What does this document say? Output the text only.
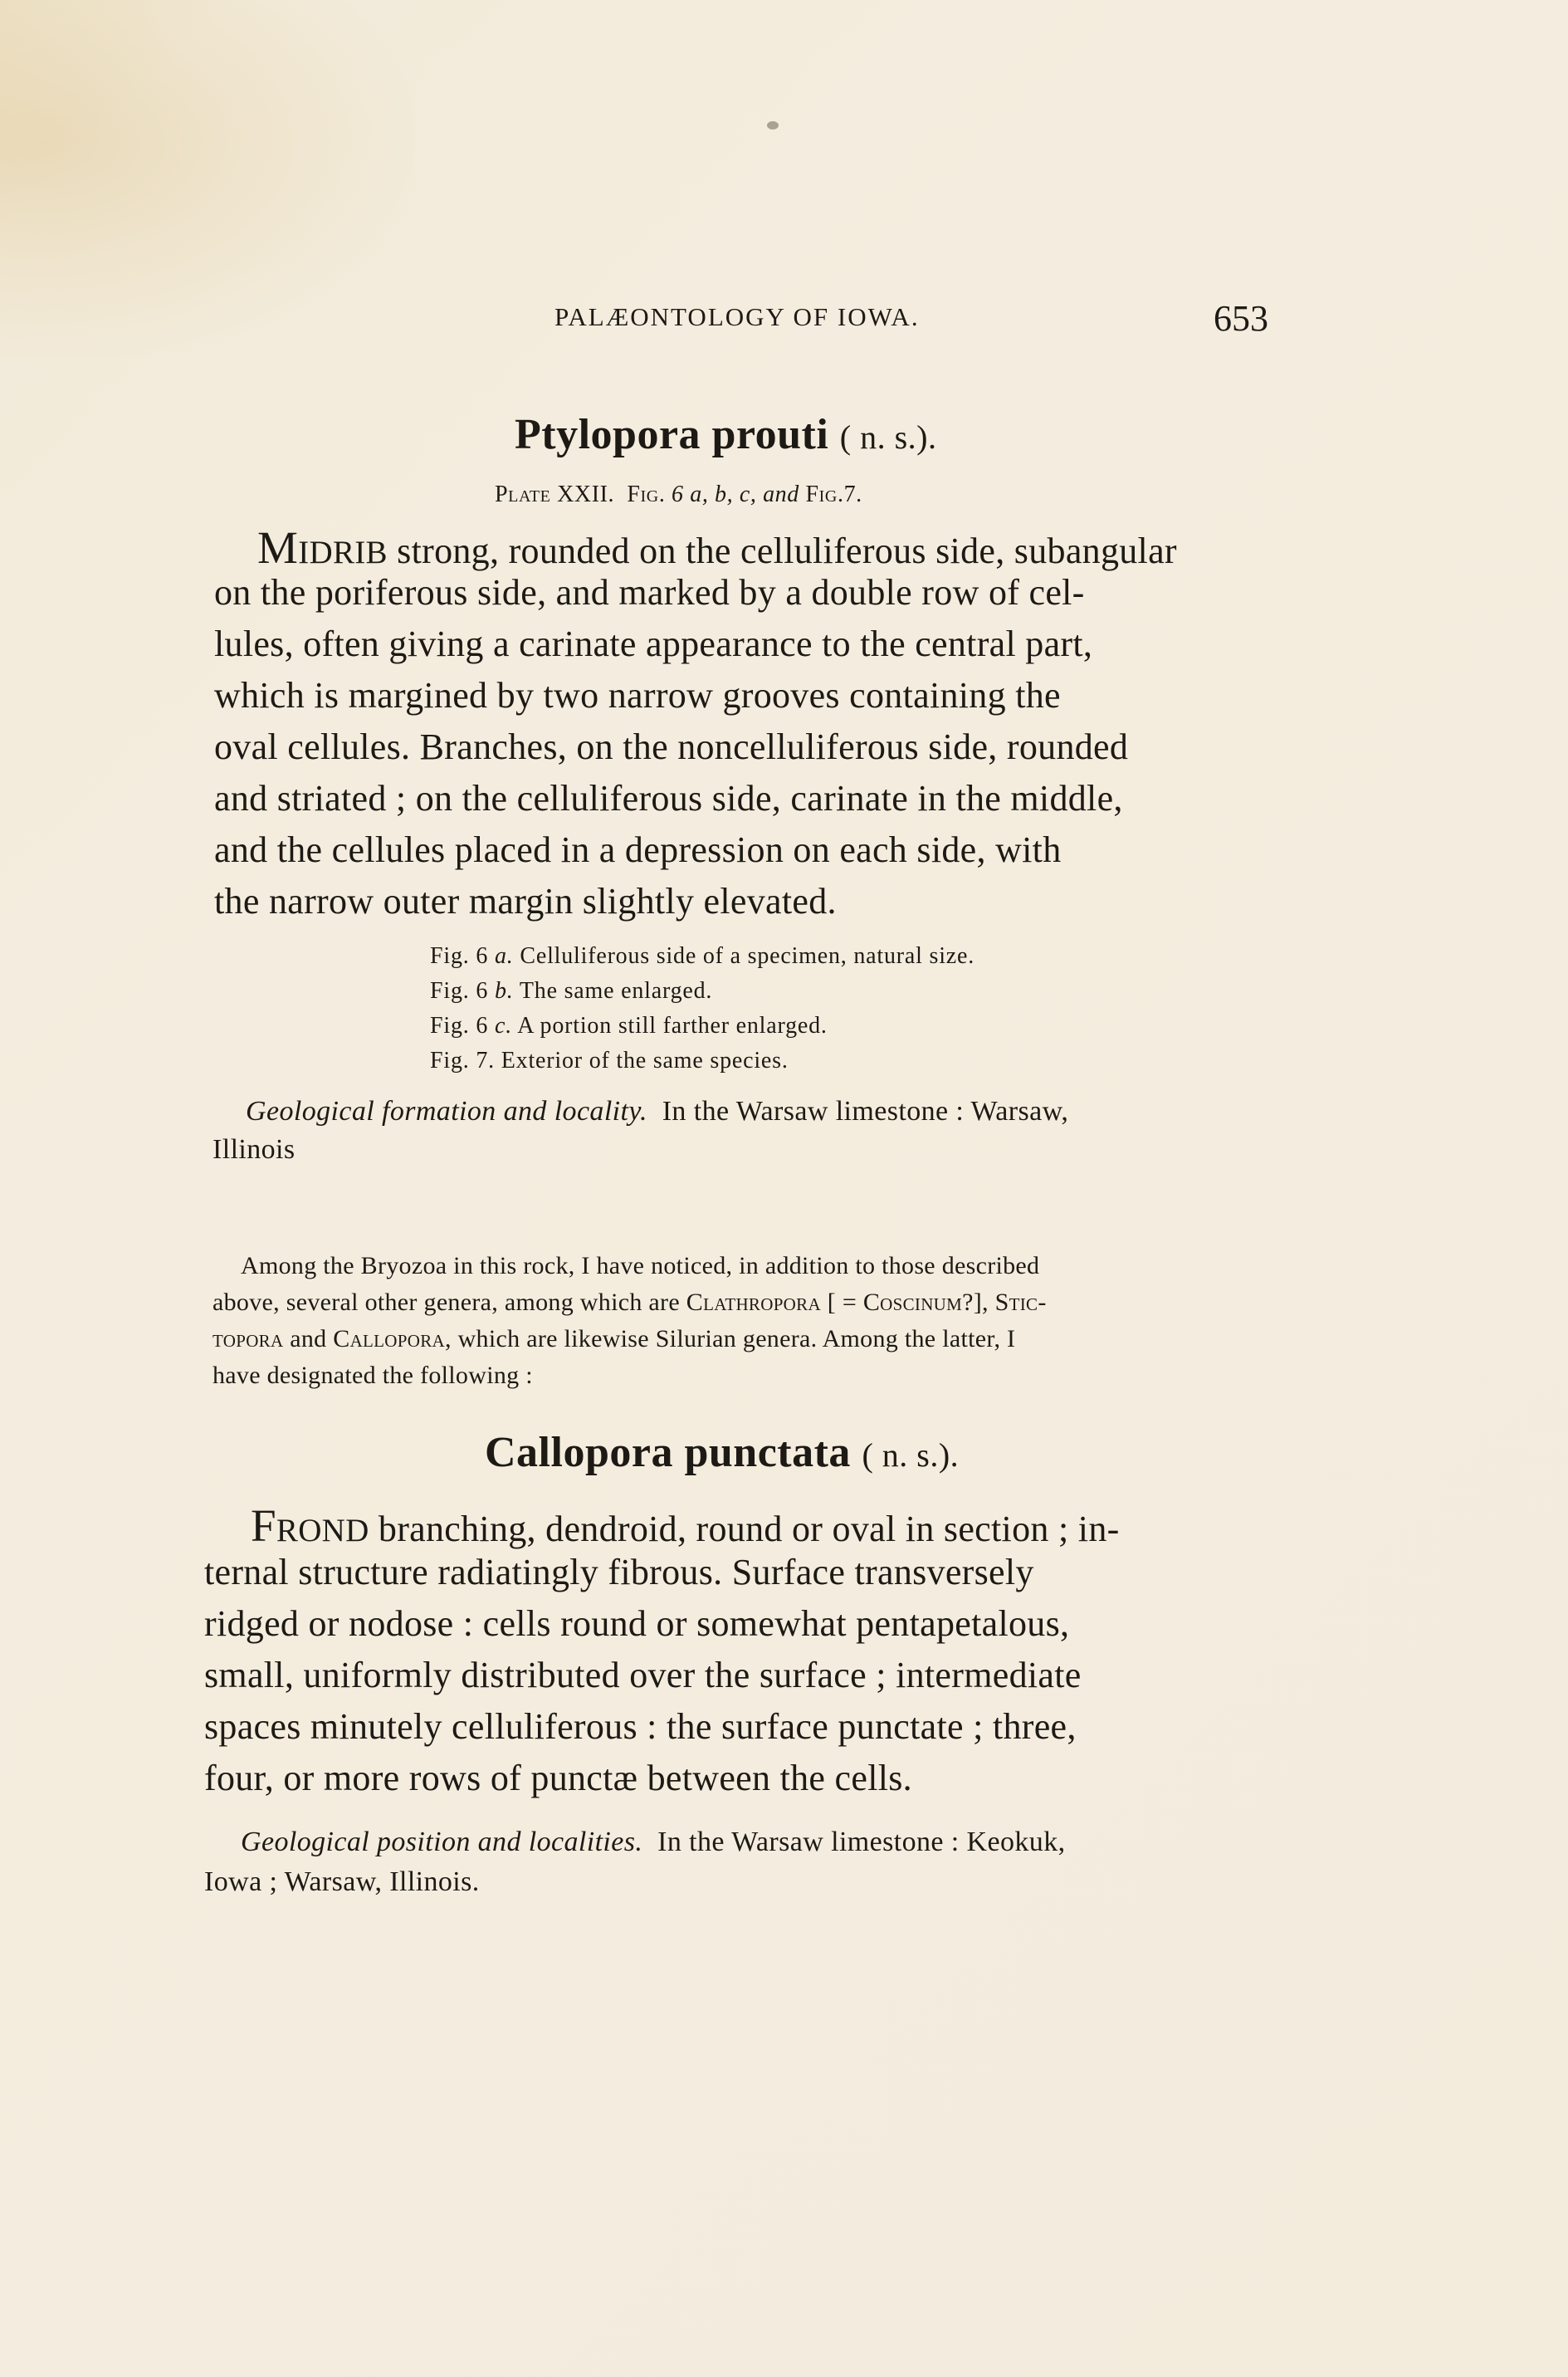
PALÆONTOLOGY OF IOWA.	653
Ptylopora prouti ( n. s.).
Plate XXII. Fig. 6 a, b, c, and Fig.7.
Midrib strong, rounded on the celluliferous side, subangular
on the poriferous side, and marked by a double row of cel-
lules, often giving a carinate appearance to the central part,
which is margined by two narrow grooves containing the
oval cellules. Branches, on the noncelluliferous side, rounded
and striated ; on the celluliferous side, carinate in the middle,
and the cellules placed in a depression on each side, with
the narrow outer margin slightly elevated.
Fig. 6 a. Celluliferous side of a specimen, natural size.
Fig. 6 b. The same enlarged.
Fig. 6 c. A portion still farther enlarged.
Fig. 7. Exterior of the same species.
Geological formation and locality. In the Warsaw limestone : Warsaw,
Illinois
Among the Bryozoa in this rock, I have noticed, in addition to those described
above, several other genera, among which are Clathropora [ = Coscinum?], Stic-
topora and Callopora, which are likewise Silurian genera. Among the latter, I
have designated the following :
Callopora punctata ( n. s.).
Frond branching, dendroid, round or oval in section ; in-
ternal structure radiatingly fibrous. Surface transversely
ridged or nodose : cells round or somewhat pentapetalous,
small, uniformly distributed over the surface ; intermediate
spaces minutely celluliferous : the surface punctate ; three,
four, or more rows of punctæ between the cells.
Geological position and localities. In the Warsaw limestone : Keokuk,
Iowa ; Warsaw, Illinois.
